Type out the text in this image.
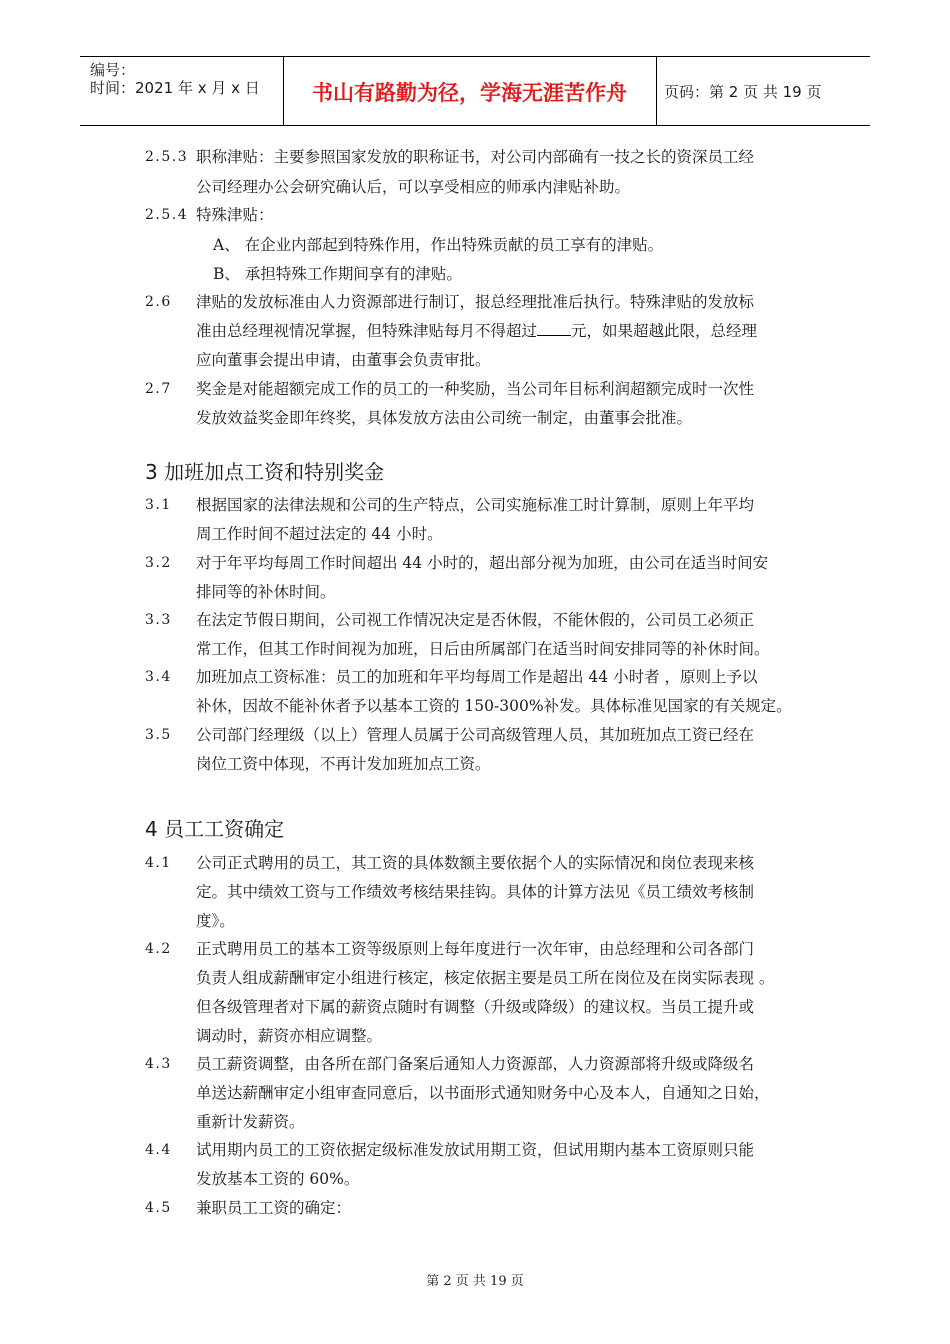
编号：
时间：2021 年 x 月 x 日	书山有路勤为径，学海无涯苦作舟	页码：第 2 页 共 19 页
2.5.3 职称津贴：主要参照国家发放的职称证书，对公司内部确有一技之长的资深员工经
公司经理办公会研究确认后，可以享受相应的师承内津贴补助。
2.5.4 特殊津贴：
A、 在企业内部起到特殊作用，作出特殊贡献的员工享有的津贴。
B、 承担特殊工作期间享有的津贴。
2.6 津贴的发放标准由人力资源部进行制订，报总经理批准后执行。特殊津贴的发放标
准由总经理视情况掌握，但特殊津贴每月不得超过 元，如果超越此限，总经理
应向董事会提出申请，由董事会负责审批。
2.7 奖金是对能超额完成工作的员工的一种奖励，当公司年目标利润超额完成时一次性
发放效益奖金即年终奖，具体发放方法由公司统一制定，由董事会批准。
3 加班加点工资和特别奖金
3.1 根据国家的法律法规和公司的生产特点，公司实施标准工时计算制，原则上年平均
周工作时间不超过法定的 44 小时。
3.2 对于年平均每周工作时间超出 44 小时的，超出部分视为加班，由公司在适当时间安
排同等的补休时间。
3.3 在法定节假日期间，公司视工作情况决定是否休假，不能休假的，公司员工必须正
常工作，但其工作时间视为加班，日后由所属部门在适当时间安排同等的补休时间。
3.4 加班加点工资标准：员工的加班和年平均每周工作是超出 44 小时者 ，原则上予以
补休，因故不能补休者予以基本工资的 150-300%补发。具体标准见国家的有关规定。
3.5 公司部门经理级（以上）管理人员属于公司高级管理人员，其加班加点工资已经在
岗位工资中体现，不再计发加班加点工资。
4 员工工资确定
4.1 公司正式聘用的员工，其工资的具体数额主要依据个人的实际情况和岗位表现来核
定。其中绩效工资与工作绩效考核结果挂钩。具体的计算方法见《员工绩效考核制
度》。
4.2 正式聘用员工的基本工资等级原则上每年度进行一次年审，由总经理和公司各部门
负责人组成薪酬审定小组进行核定，核定依据主要是员工所在岗位及在岗实际表现 。
但各级管理者对下属的薪资点随时有调整（升级或降级）的建议权。当员工提升或
调动时，薪资亦相应调整。
4.3 员工薪资调整，由各所在部门备案后通知人力资源部，人力资源部将升级或降级名
单送达薪酬审定小组审查同意后，以书面形式通知财务中心及本人，自通知之日始，
重新计发薪资。
4.4 试用期内员工的工资依据定级标准发放试用期工资，但试用期内基本工资原则只能
发放基本工资的 60%。
4.5 兼职员工工资的确定：
第 2 页 共 19 页
